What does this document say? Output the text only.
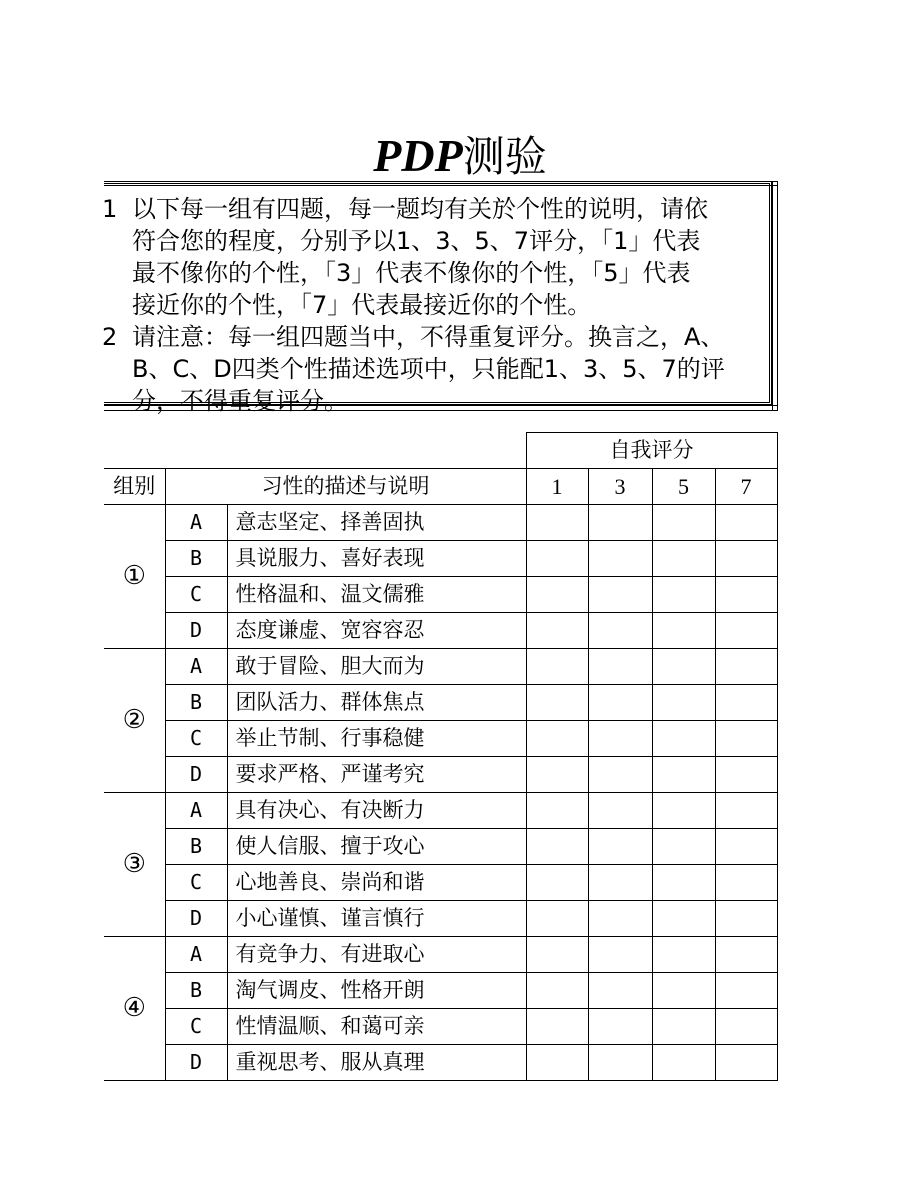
PDP测验
1 以下每一组有四题，每一题均有关於个性的说明，请依
符合您的程度，分别予以1、3、5、7评分，「1」代表
最不像你的个性，「3」代表不像你的个性，「5」代表
接近你的个性，「7」代表最接近你的个性。
2 请注意：每一组四题当中，不得重复评分。换言之，A、
B、C、D四类个性描述选项中，只能配1、3、5、7的评
分，不得重复评分。
			自我评分			
组别	习性的描述与说明		1	3	5	7
①	A	意志坚定、择善固执				
	B	具说服力、喜好表现				
	C	性格温和、温文儒雅				
	D	态度谦虚、宽容容忍				
②	A	敢于冒险、胆大而为				
	B	团队活力、群体焦点				
	C	举止节制、行事稳健				
	D	要求严格、严谨考究				
③	A	具有决心、有决断力				
	B	使人信服、擅于攻心				
	C	心地善良、崇尚和谐				
	D	小心谨慎、谨言慎行				
④	A	有竞争力、有进取心				
	B	淘气调皮、性格开朗				
	C	性情温顺、和蔼可亲				
	D	重视思考、服从真理				
